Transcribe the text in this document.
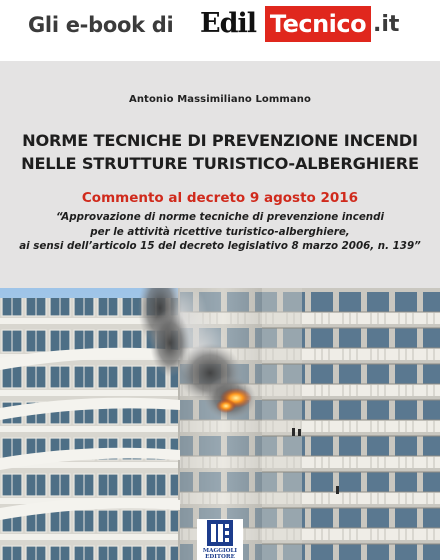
Gli e-book di Edil Tecnico .it
Antonio Massimiliano Lommano
NORME TECNICHE DI PREVENZIONE INCENDI
NELLE STRUTTURE TURISTICO-ALBERGHIERE
Commento al decreto 9 agosto 2016
“Approvazione di norme tecniche di prevenzione incendi
per le attività ricettive turistico-alberghiere,
ai sensi dell’articolo 15 del decreto legislativo 8 marzo 2006, n. 139”
MAGGIOLI
EDITORE
